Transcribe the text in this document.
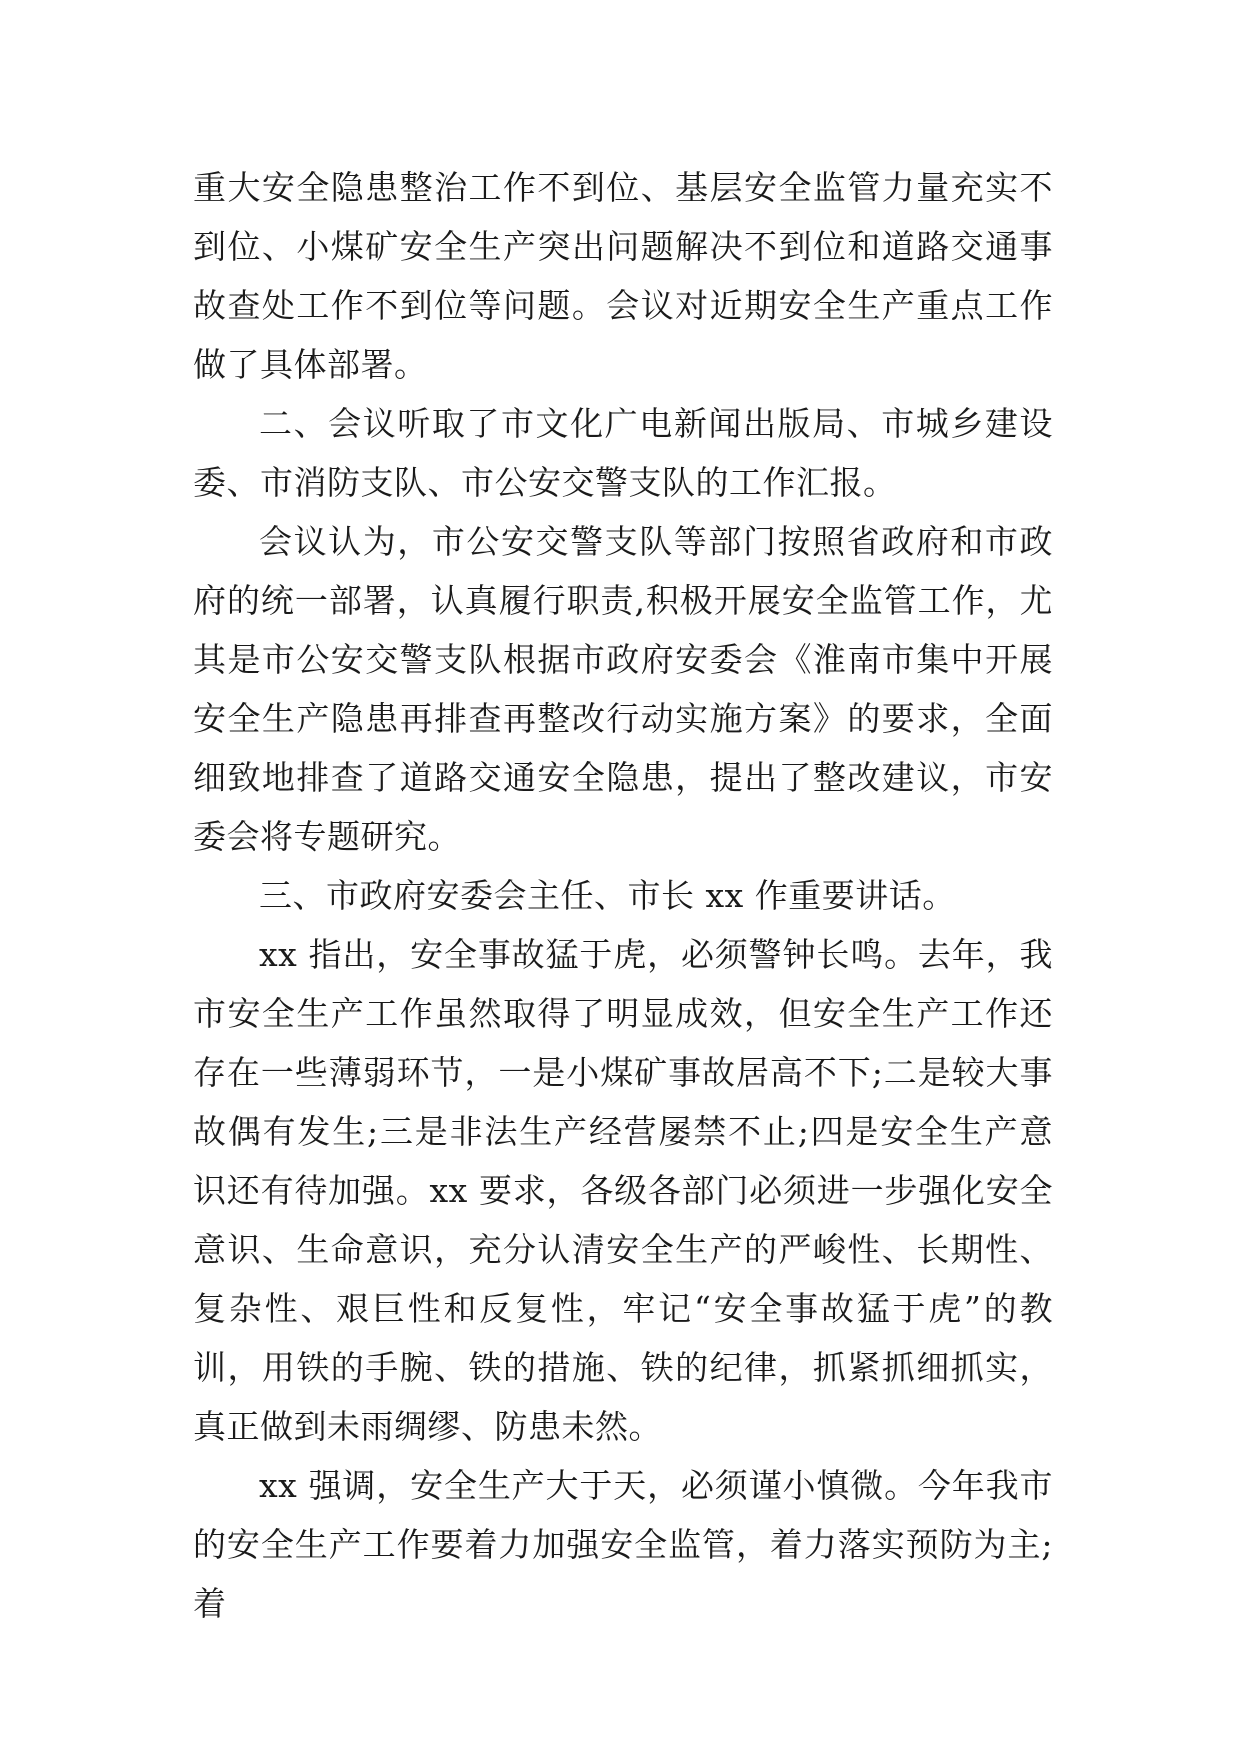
重大安全隐患整治工作不到位、基层安全监管力量充实不到位、小煤矿安全生产突出问题解决不到位和道路交通事故查处工作不到位等问题。会议对近期安全生产重点工作做了具体部署。

二、会议听取了市文化广电新闻出版局、市城乡建设委、市消防支队、市公安交警支队的工作汇报。

会议认为，市公安交警支队等部门按照省政府和市政府的统一部署，认真履行职责,积极开展安全监管工作，尤其是市公安交警支队根据市政府安委会《淮南市集中开展安全生产隐患再排查再整改行动实施方案》的要求，全面细致地排查了道路交通安全隐患，提出了整改建议，市安委会将专题研究。

三、市政府安委会主任、市长 xx 作重要讲话。

xx 指出，安全事故猛于虎，必须警钟长鸣。去年，我市安全生产工作虽然取得了明显成效，但安全生产工作还存在一些薄弱环节，一是小煤矿事故居高不下;二是较大事故偶有发生;三是非法生产经营屡禁不止;四是安全生产意识还有待加强。xx 要求，各级各部门必须进一步强化安全意识、生命意识，充分认清安全生产的严峻性、长期性、复杂性、艰巨性和反复性，牢记“安全事故猛于虎”的教训，用铁的手腕、铁的措施、铁的纪律，抓紧抓细抓实，真正做到未雨绸缪、防患未然。

xx 强调，安全生产大于天，必须谨小慎微。今年我市的安全生产工作要着力加强安全监管，着力落实预防为主;着
